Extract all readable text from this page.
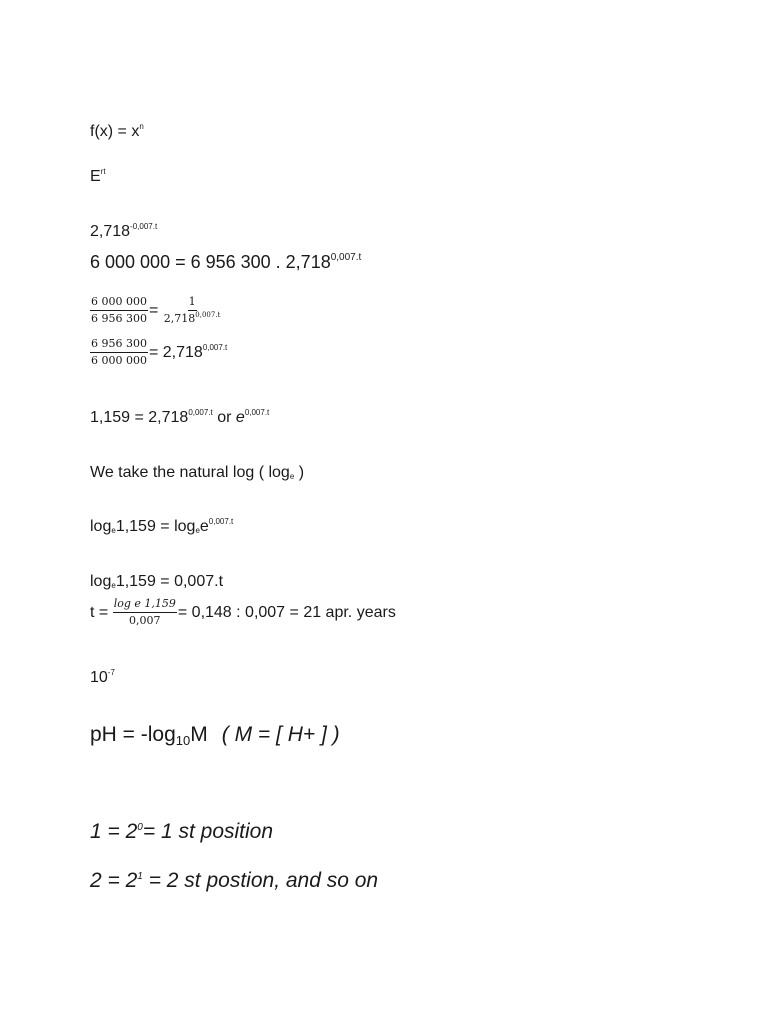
$f(x) = x^n$
$E^{rt}$
$2,718^{-0,007.t}$
6 000 000 = 6 956 300 . $2,718^{0,007.t}$
$\frac{6 000 000}{6 956 300} = \frac{1}{2,718^{0,007.t}}$
$\frac{6 956 300}{6 000 000} = 2,718^{0,007.t}$
$1,159 = 2,718^{0,007.t}$ or $e^{0,007.t}$
We take the natural log ( $\log_e$ )
$\log_e1,159 = \log_ee^{0,007.t}$
$\log_e1,159 = 0,007.t$
$t = \frac{\text{log e 1,159}}{0,007} = 0,148$ : 0,007 = 21 apr. years
$10^{-7}$
pH = $-\log_{10}M$ ( M = [ H+ ] )
$1 = 2^0= 1$ st position
$2 = 2^1 = 2$ st postion, and so on
